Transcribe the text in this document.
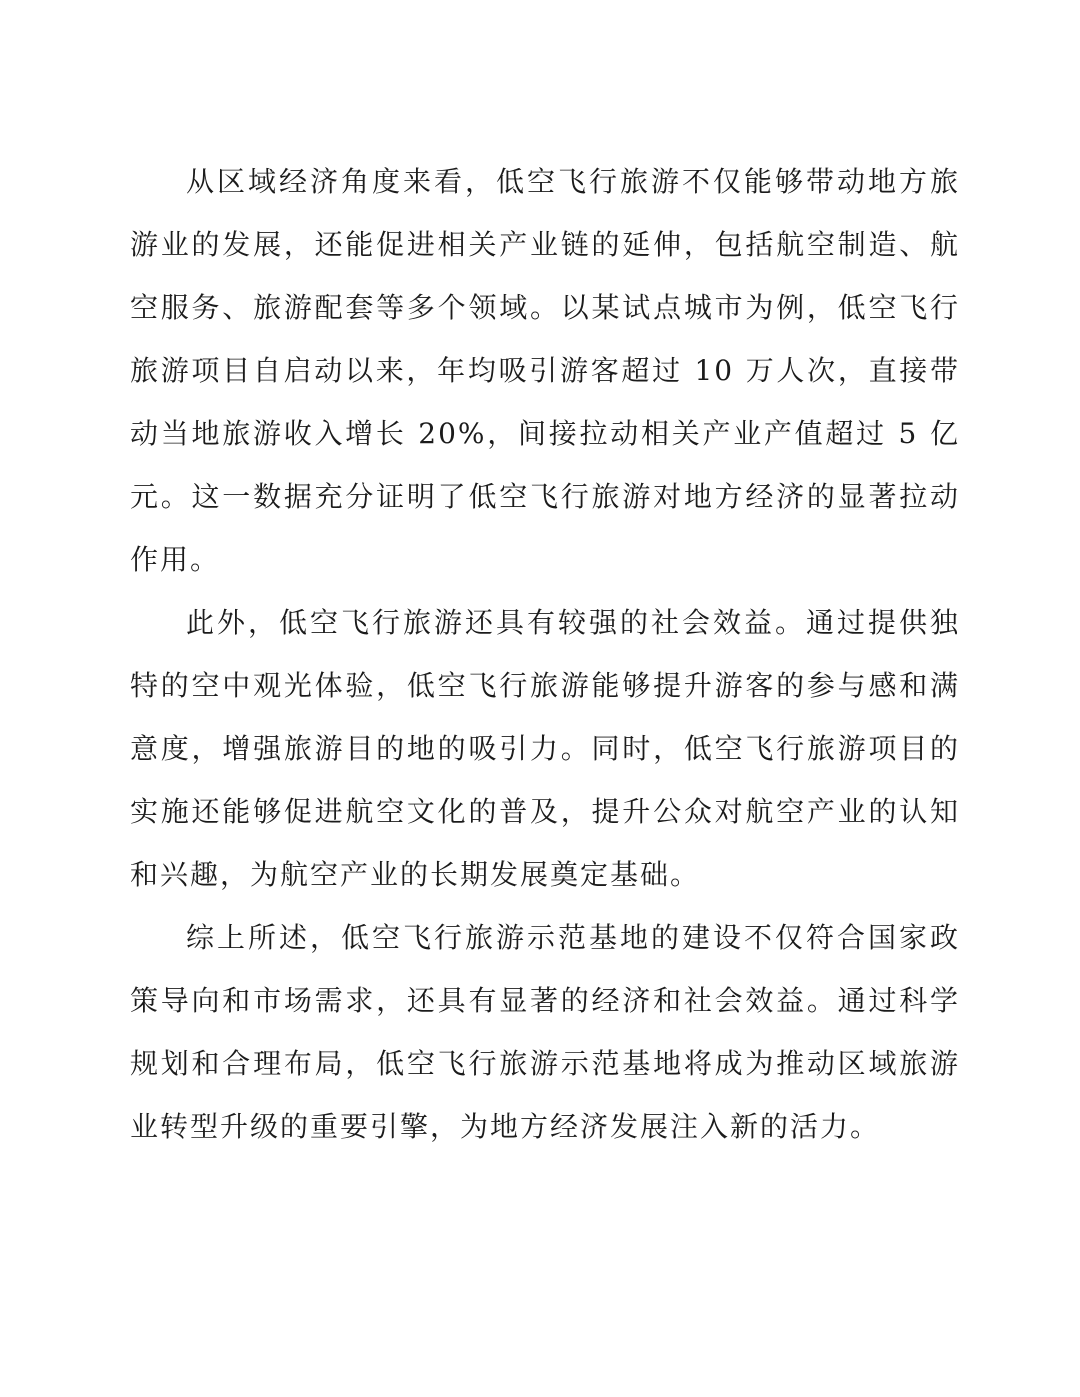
从区域经济角度来看，低空飞行旅游不仅能够带动地方旅游业的发展，还能促进相关产业链的延伸，包括航空制造、航空服务、旅游配套等多个领域。以某试点城市为例，低空飞行旅游项目自启动以来，年均吸引游客超过 10 万人次，直接带动当地旅游收入增长 20%，间接拉动相关产业产值超过 5 亿元。这一数据充分证明了低空飞行旅游对地方经济的显著拉动作用。

此外，低空飞行旅游还具有较强的社会效益。通过提供独特的空中观光体验，低空飞行旅游能够提升游客的参与感和满意度，增强旅游目的地的吸引力。同时，低空飞行旅游项目的实施还能够促进航空文化的普及，提升公众对航空产业的认知和兴趣，为航空产业的长期发展奠定基础。

综上所述，低空飞行旅游示范基地的建设不仅符合国家政策导向和市场需求，还具有显著的经济和社会效益。通过科学规划和合理布局，低空飞行旅游示范基地将成为推动区域旅游业转型升级的重要引擎，为地方经济发展注入新的活力。
